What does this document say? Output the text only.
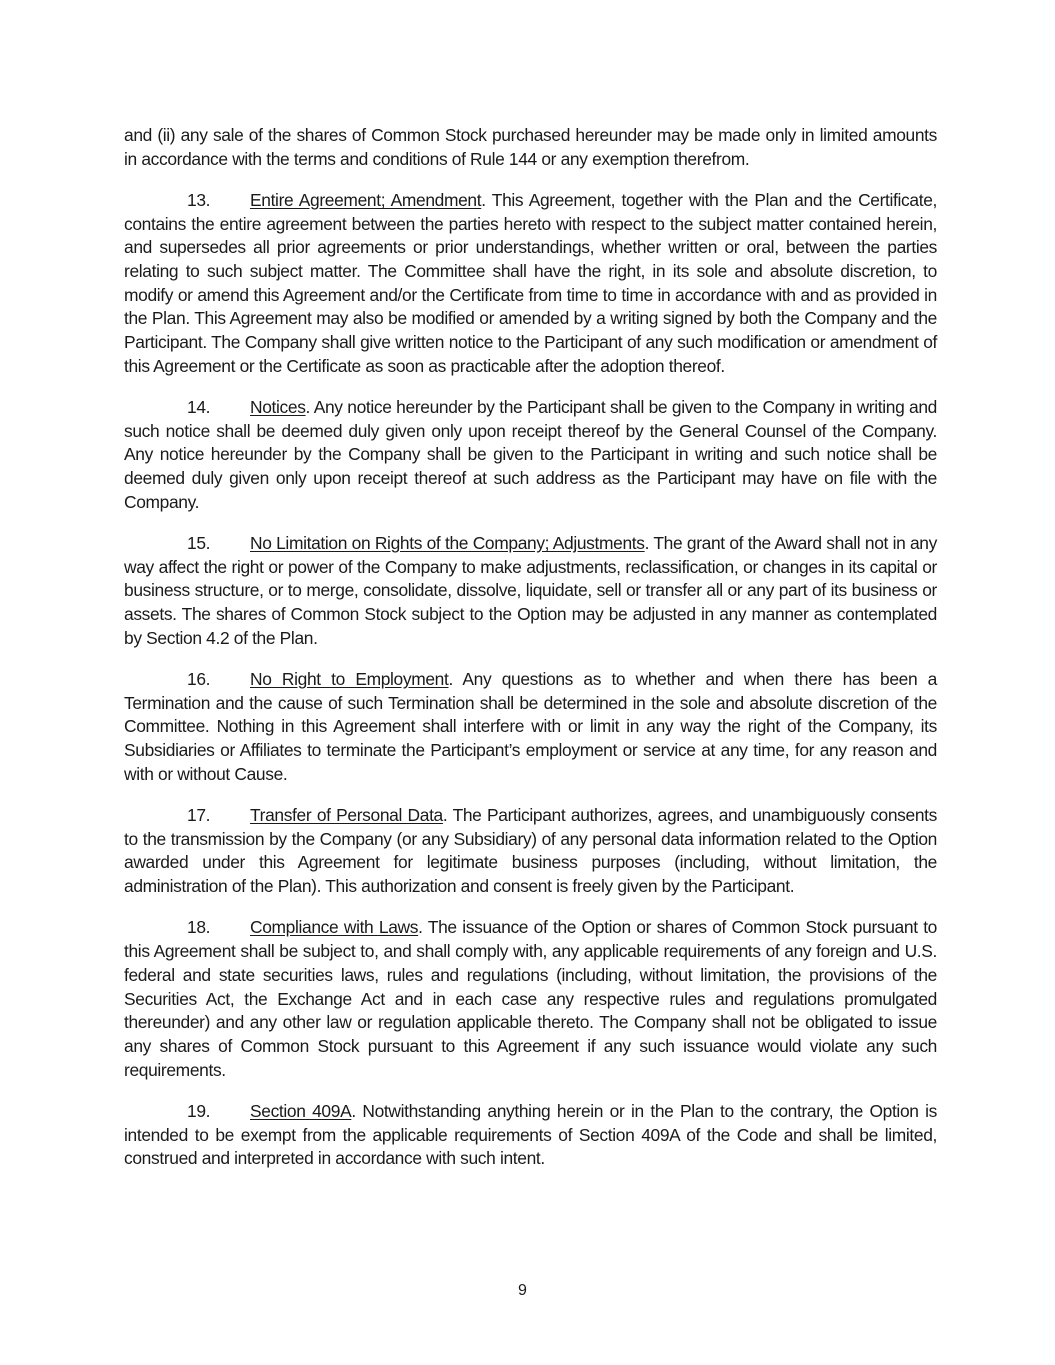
and (ii) any sale of the shares of Common Stock purchased hereunder may be made only in limited amounts in accordance with the terms and conditions of Rule 144 or any exemption therefrom.

13. Entire Agreement; Amendment. This Agreement, together with the Plan and the Certificate, contains the entire agreement between the parties hereto with respect to the subject matter contained herein, and supersedes all prior agreements or prior understandings, whether written or oral, between the parties relating to such subject matter. The Committee shall have the right, in its sole and absolute discretion, to modify or amend this Agreement and/or the Certificate from time to time in accordance with and as provided in the Plan. This Agreement may also be modified or amended by a writing signed by both the Company and the Participant. The Company shall give written notice to the Participant of any such modification or amendment of this Agreement or the Certificate as soon as practicable after the adoption thereof.

14. Notices. Any notice hereunder by the Participant shall be given to the Company in writing and such notice shall be deemed duly given only upon receipt thereof by the General Counsel of the Company. Any notice hereunder by the Company shall be given to the Participant in writing and such notice shall be deemed duly given only upon receipt thereof at such address as the Participant may have on file with the Company.

15. No Limitation on Rights of the Company; Adjustments. The grant of the Award shall not in any way affect the right or power of the Company to make adjustments, reclassification, or changes in its capital or business structure, or to merge, consolidate, dissolve, liquidate, sell or transfer all or any part of its business or assets. The shares of Common Stock subject to the Option may be adjusted in any manner as contemplated by Section 4.2 of the Plan.

16. No Right to Employment. Any questions as to whether and when there has been a Termination and the cause of such Termination shall be determined in the sole and absolute discretion of the Committee. Nothing in this Agreement shall interfere with or limit in any way the right of the Company, its Subsidiaries or Affiliates to terminate the Participant’s employment or service at any time, for any reason and with or without Cause.

17. Transfer of Personal Data. The Participant authorizes, agrees, and unambiguously consents to the transmission by the Company (or any Subsidiary) of any personal data information related to the Option awarded under this Agreement for legitimate business purposes (including, without limitation, the administration of the Plan). This authorization and consent is freely given by the Participant.

18. Compliance with Laws. The issuance of the Option or shares of Common Stock pursuant to this Agreement shall be subject to, and shall comply with, any applicable requirements of any foreign and U.S. federal and state securities laws, rules and regulations (including, without limitation, the provisions of the Securities Act, the Exchange Act and in each case any respective rules and regulations promulgated thereunder) and any other law or regulation applicable thereto. The Company shall not be obligated to issue any shares of Common Stock pursuant to this Agreement if any such issuance would violate any such requirements.

19. Section 409A. Notwithstanding anything herein or in the Plan to the contrary, the Option is intended to be exempt from the applicable requirements of Section 409A of the Code and shall be limited, construed and interpreted in accordance with such intent.

9
